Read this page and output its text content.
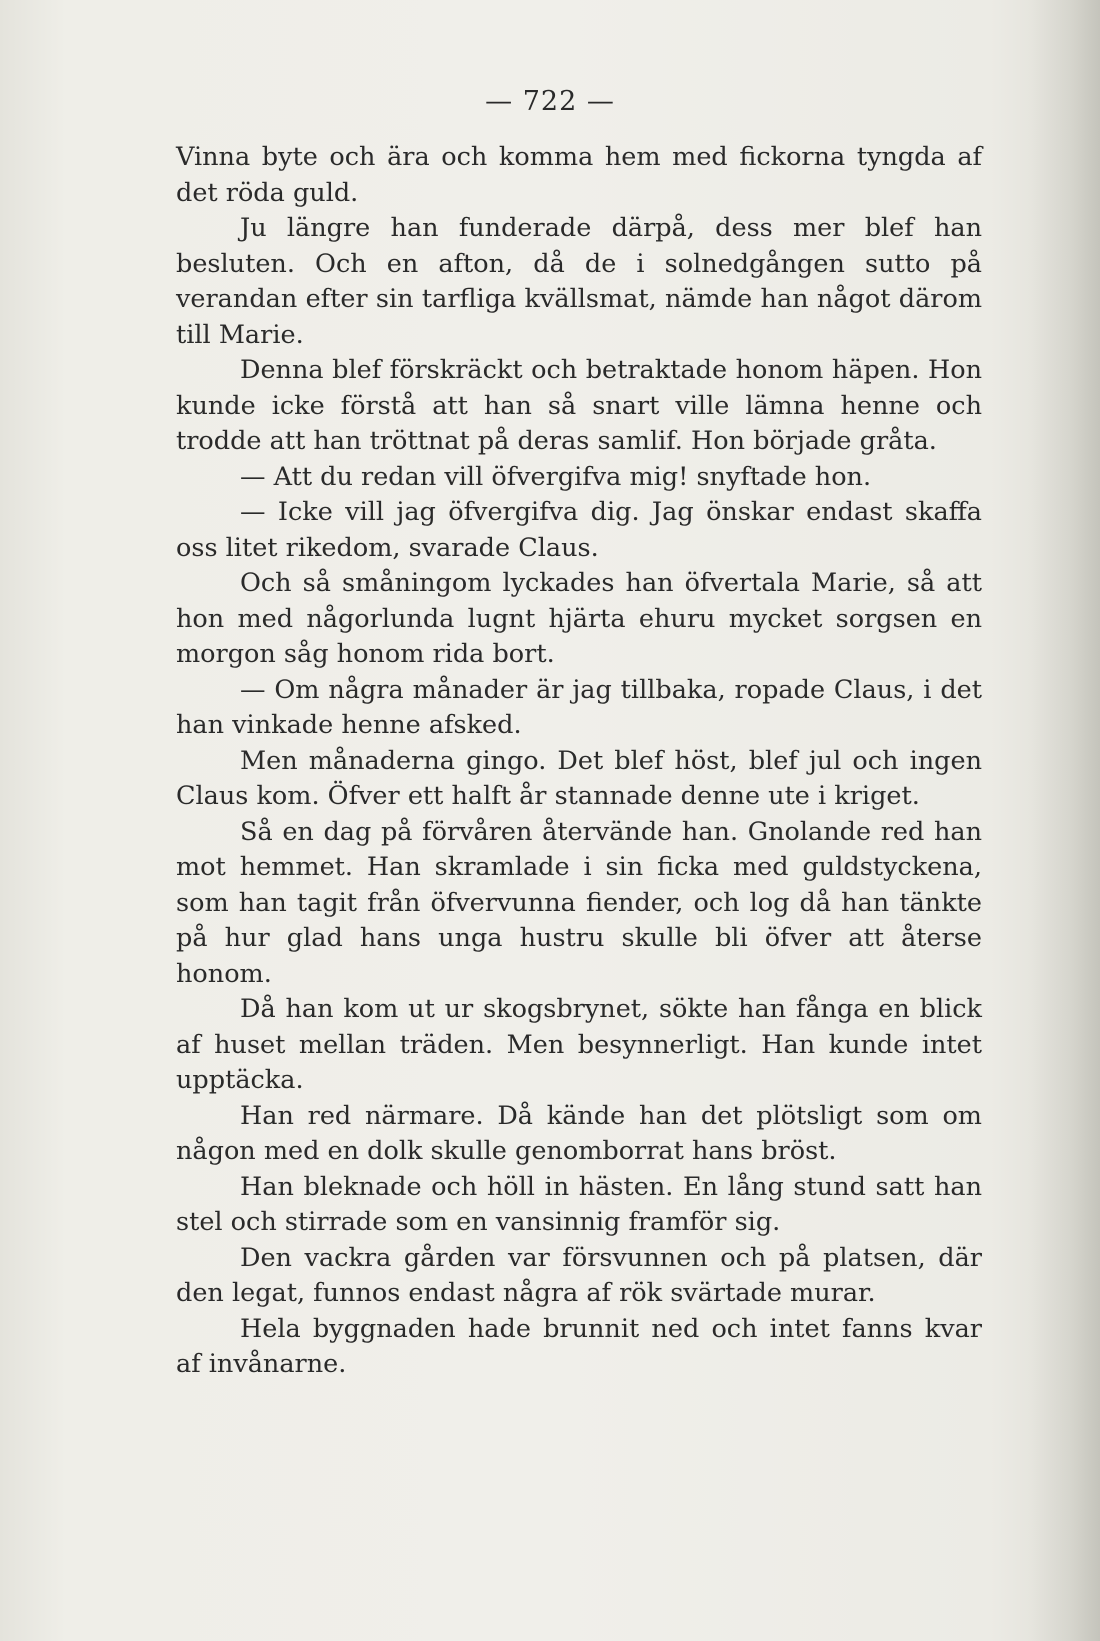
— 722 —

Vinna byte och ära och komma hem med fickorna tyngda af det röda guld.

Ju längre han funderade därpå, dess mer blef han besluten. Och en afton, då de i solnedgången sutto på verandan efter sin tarfliga kvällsmat, nämde han något därom till Marie.

Denna blef förskräckt och betraktade honom häpen. Hon kunde icke förstå att han så snart ville lämna henne och trodde att han tröttnat på deras samlif. Hon började gråta.

— Att du redan vill öfvergifva mig! snyftade hon.

— Icke vill jag öfvergifva dig. Jag önskar endast skaffa oss litet rikedom, svarade Claus.

Och så småningom lyckades han öfvertala Marie, så att hon med någorlunda lugnt hjärta ehuru mycket sorgsen en morgon såg honom rida bort.

— Om några månader är jag tillbaka, ropade Claus, i det han vinkade henne afsked.

Men månaderna gingo. Det blef höst, blef jul och ingen Claus kom. Öfver ett halft år stannade denne ute i kriget.

Så en dag på förvåren återvände han. Gnolande red han mot hemmet. Han skramlade i sin ficka med guldstyckena, som han tagit från öfvervunna fiender, och log då han tänkte på hur glad hans unga hustru skulle bli öfver att återse honom.

Då han kom ut ur skogsbrynet, sökte han fånga en blick af huset mellan träden. Men besynnerligt. Han kunde intet upptäcka.

Han red närmare. Då kände han det plötsligt som om någon med en dolk skulle genomborrat hans bröst.

Han bleknade och höll in hästen. En lång stund satt han stel och stirrade som en vansinnig framför sig.

Den vackra gården var försvunnen och på platsen, där den legat, funnos endast några af rök svärtade murar.

Hela byggnaden hade brunnit ned och intet fanns kvar af invånarne.
